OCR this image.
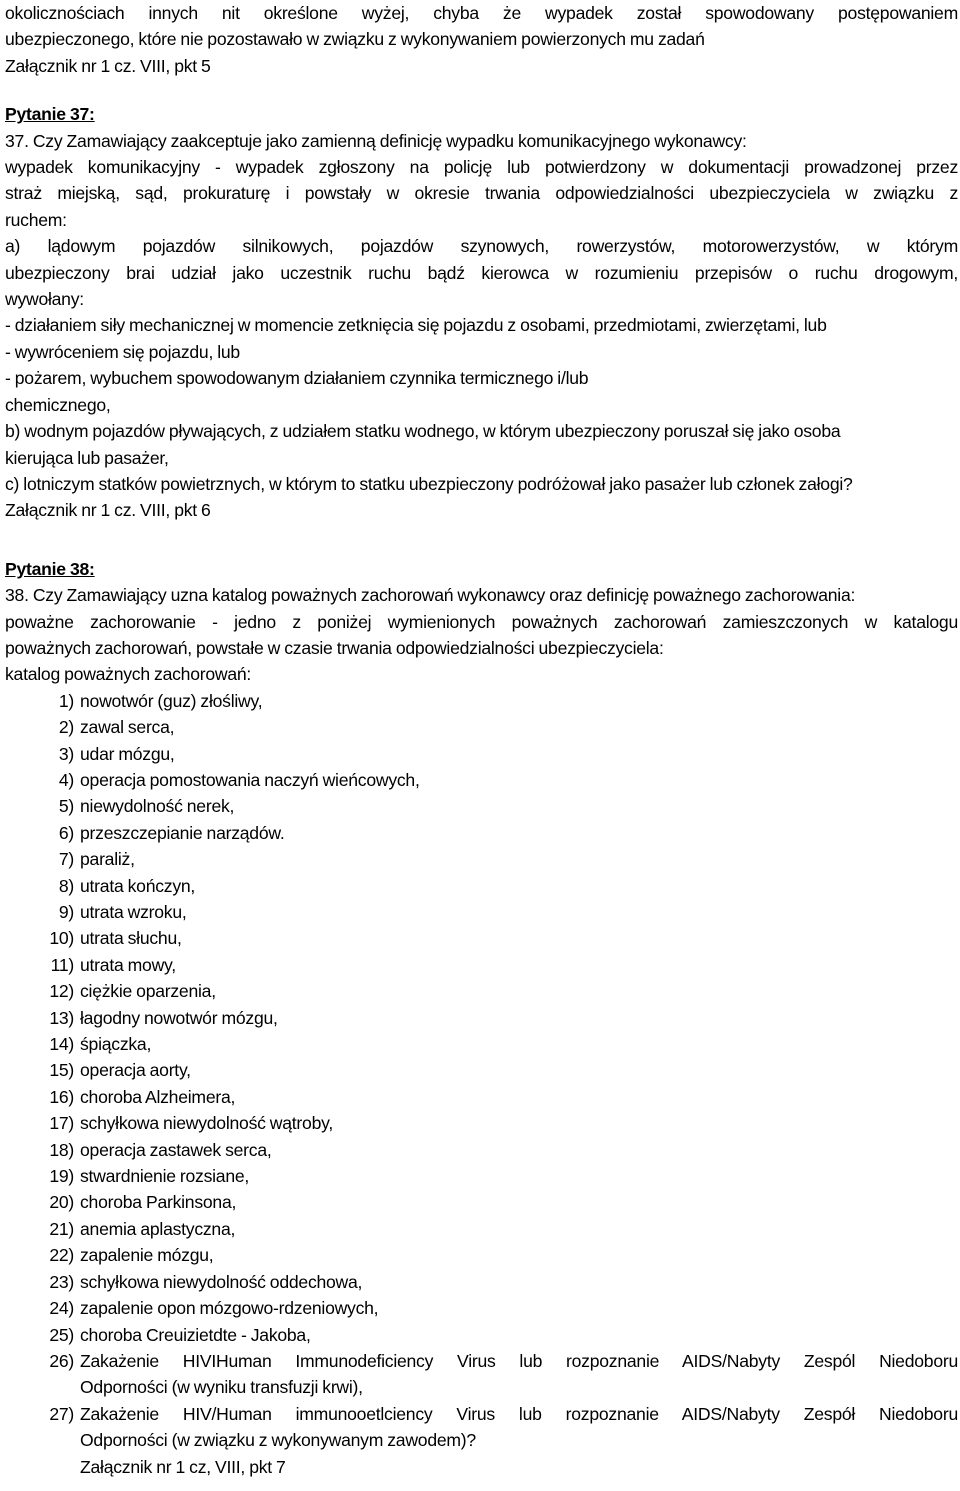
okolicznościach innych nit określone wyżej, chyba że wypadek został spowodowany postępowaniem
ubezpieczonego, które nie pozostawało w związku z wykonywaniem powierzonych mu zadań
Załącznik nr 1 cz. VIII, pkt 5
Pytanie 37:
37. Czy Zamawiający zaakceptuje jako zamienną definicję wypadku komunikacyjnego wykonawcy:
wypadek komunikacyjny - wypadek zgłoszony na policję lub potwierdzony w dokumentacji prowadzonej przez
straż miejską, sąd, prokuraturę i powstały w okresie trwania odpowiedzialności ubezpieczyciela w związku z
ruchem:
a) lądowym pojazdów silnikowych, pojazdów szynowych, rowerzystów, motorowerzystów, w którym
ubezpieczony brai udział jako uczestnik ruchu bądź kierowca w rozumieniu przepisów o ruchu drogowym,
wywołany:
- działaniem siły mechanicznej w momencie zetknięcia się pojazdu z osobami, przedmiotami, zwierzętami, lub
- wywróceniem się pojazdu, lub
- pożarem, wybuchem spowodowanym działaniem czynnika termicznego i/lub
chemicznego,
b) wodnym pojazdów pływających, z udziałem statku wodnego, w którym ubezpieczony poruszał się jako osoba
kierująca lub pasażer,
c) lotniczym statków powietrznych, w którym to statku ubezpieczony podróżował jako pasażer lub członek załogi?
Załącznik nr 1 cz. VIII, pkt 6
Pytanie 38:
38. Czy Zamawiający uzna katalog poważnych zachorowań wykonawcy oraz definicję poważnego zachorowania:
poważne zachorowanie - jedno z poniżej wymienionych poważnych zachorowań zamieszczonych w katalogu
poważnych zachorowań, powstałe w czasie trwania odpowiedzialności ubezpieczyciela:
katalog poważnych zachorowań:
1) nowotwór (guz) złośliwy,
2) zawal serca,
3) udar mózgu,
4) operacja pomostowania naczyń wieńcowych,
5) niewydolność nerek,
6) przeszczepianie narządów.
7) paraliż,
8) utrata kończyn,
9) utrata wzroku,
10) utrata słuchu,
11) utrata mowy,
12) ciężkie oparzenia,
13) łagodny nowotwór mózgu,
14) śpiączka,
15) operacja aorty,
16) choroba Alzheimera,
17) schyłkowa niewydolność wątroby,
18) operacja zastawek serca,
19) stwardnienie rozsiane,
20) choroba Parkinsona,
21) anemia aplastyczna,
22) zapalenie mózgu,
23) schyłkowa niewydolność oddechowa,
24) zapalenie opon mózgowo-rdzeniowych,
25) choroba Creuizietdte - Jakoba,
26) Zakażenie HIVIHuman Immunodeficiency Virus lub rozpoznanie AIDS/Nabyty Zespól Niedoboru
Odporności (w wyniku transfuzji krwi),
27) Zakażenie HIV/Human immunooetlciency Virus lub rozpoznanie AIDS/Nabyty Zespół Niedoboru
Odporności (w związku z wykonywanym zawodem)?
Załącznik nr 1 cz, VIII, pkt 7
